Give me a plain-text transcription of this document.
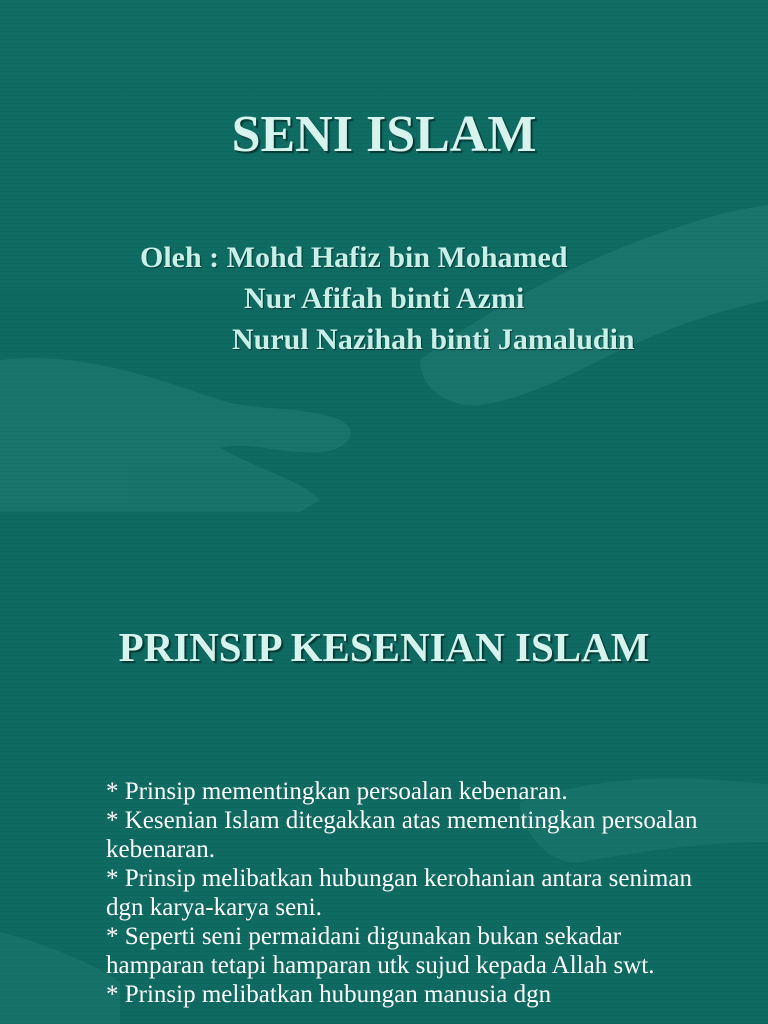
SENI ISLAM
Oleh : Mohd Hafiz bin Mohamed
Nur Afifah binti Azmi
Nurul Nazihah binti Jamaludin
PRINSIP KESENIAN ISLAM

* Prinsip mementingkan persoalan kebenaran.

* Kesenian Islam ditegakkan atas mementingkan persoalan kebenaran.

* Prinsip melibatkan hubungan kerohanian antara seniman dgn karya-karya seni.

* Seperti seni permaidani digunakan bukan sekadar hamparan tetapi hamparan utk sujud kepada Allah swt.

* Prinsip melibatkan hubungan manusia dgn
